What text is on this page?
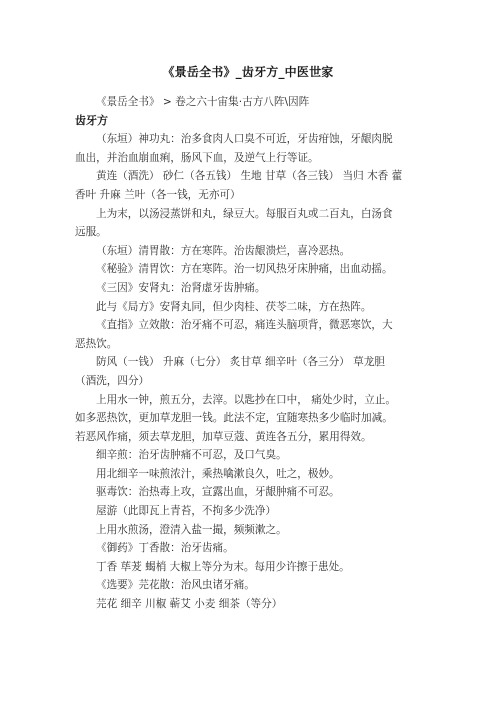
《景岳全书》_齿牙方_中医世家
《景岳全书》 > 卷之六十宙集·古方八阵\因阵
齿牙方
（东垣）神功丸：治多食肉人口臭不可近，牙齿疳蚀，牙龈肉脱
血出，并治血崩血痢，肠风下血，及逆气上行等证。
黄连（酒洗） 砂仁（各五钱） 生地 甘草（各三钱） 当归 木香 藿
香叶 升麻 兰叶（各一钱，无亦可）
上为末，以汤浸蒸饼和丸，绿豆大。每服百丸或二百丸，白汤食
远服。
（东垣）清胃散：方在寒阵。治齿龈溃烂，喜冷恶热。
《秘验》清胃饮：方在寒阵。治一切风热牙床肿痛，出血动摇。
《三因》安肾丸：治肾虚牙齿肿痛。
此与《局方》安肾丸同，但少肉桂、茯苓二味，方在热阵。
《直指》立效散：治牙痛不可忍，痛连头脑项背，微恶寒饮，大
恶热饮。
防风（一钱） 升麻（七分） 炙甘草 细辛叶（各三分） 草龙胆
（酒洗，四分）
上用水一钟，煎五分，去滓。以匙抄在口中， 痛处少时，立止。
如多恶热饮，更加草龙胆一钱。此法不定，宜随寒热多少临时加减。
若恶风作痛，须去草龙胆，加草豆蔻、黄连各五分，累用得效。
细辛煎：治牙齿肿痛不可忍，及口气臭。
用北细辛一味煎浓汁，乘热噙漱良久，吐之，极妙。
驱毒饮：治热毒上攻，宣露出血，牙龈肿痛不可忍。
屋游（此即瓦上青苔，不拘多少洗净）
上用水煎汤，澄清入盐一撮，频频漱之。
《御药》丁香散：治牙齿痛。
丁香 荜茇 蝎梢 大椒上等分为末。每用少许擦于患处。
《选要》芫花散：治风虫诸牙痛。
芫花 细辛 川椒 蕲艾 小麦 细茶（等分）
